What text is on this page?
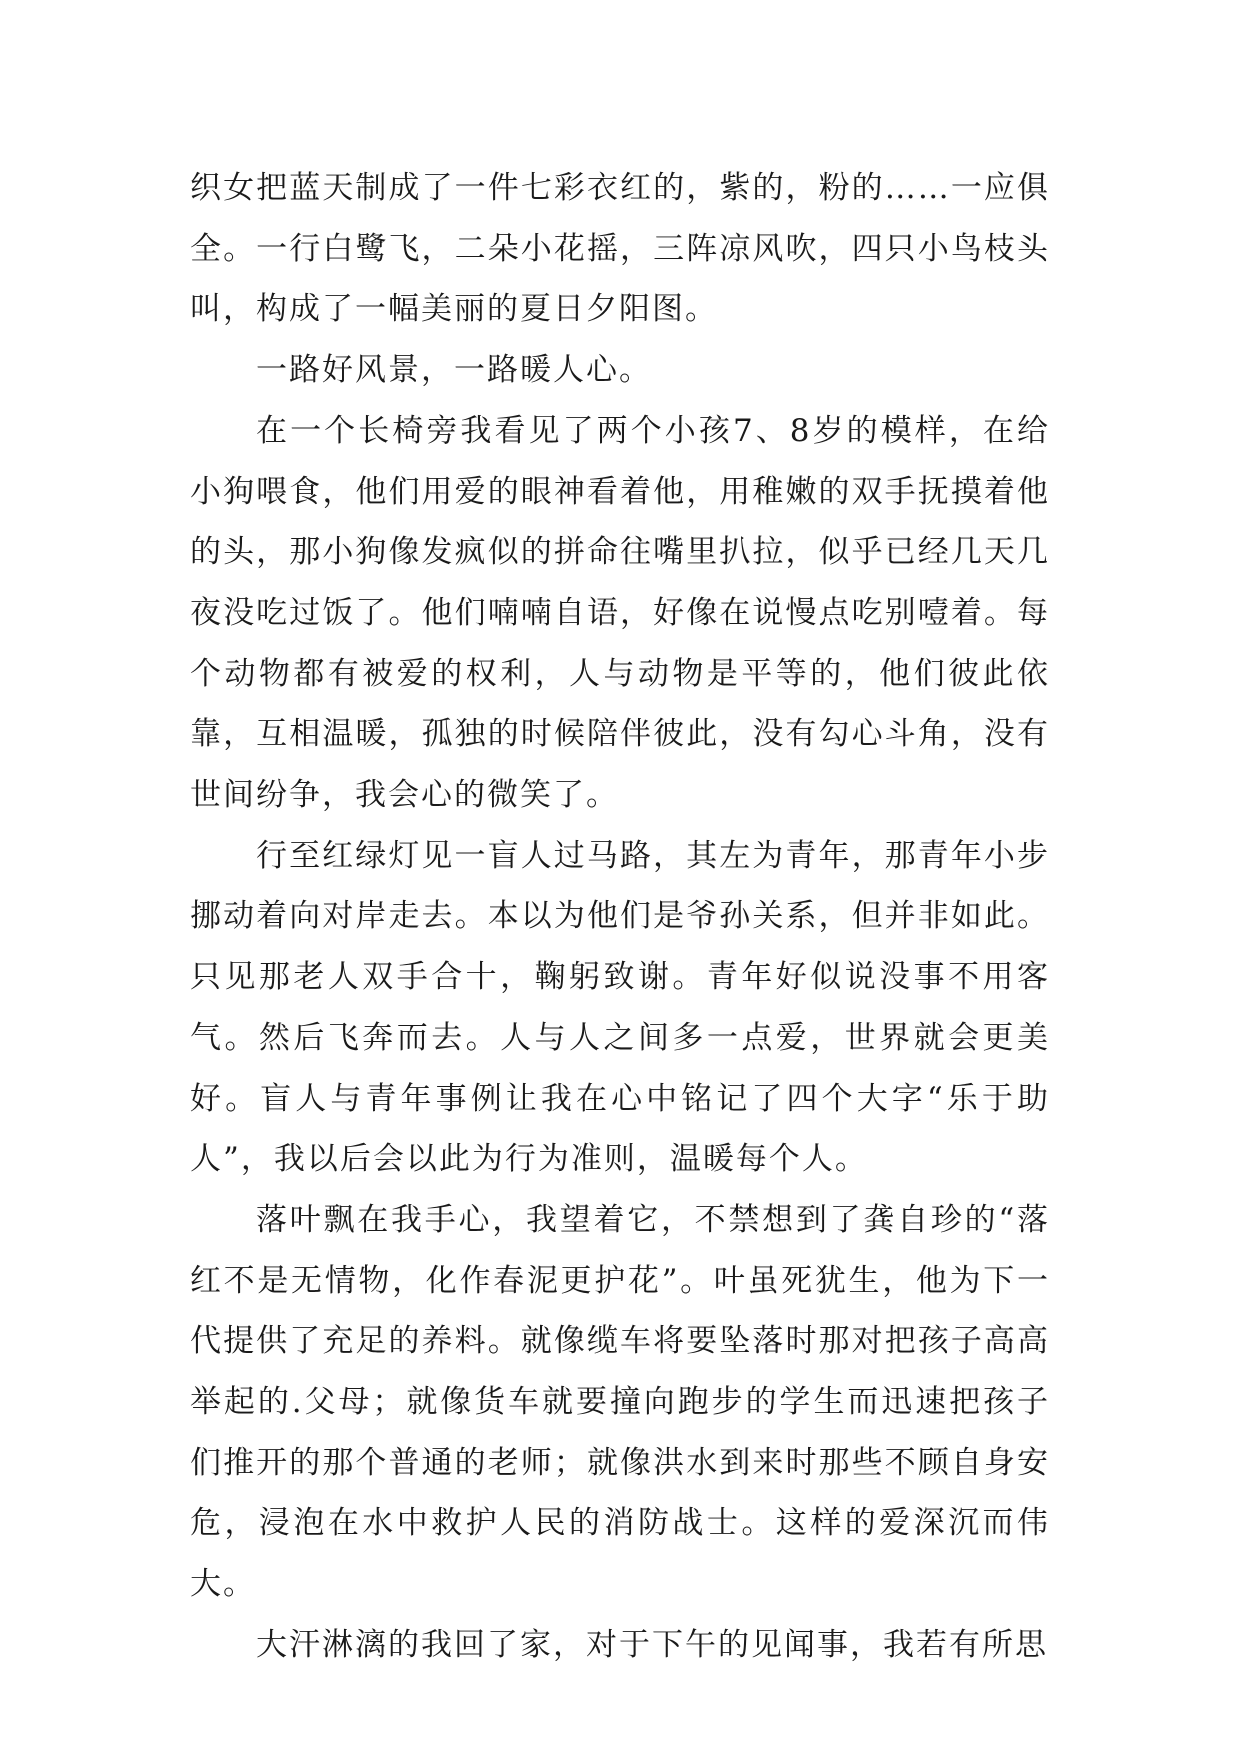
织女把蓝天制成了一件七彩衣红的，紫的，粉的……一应俱全。一行白鹭飞，二朵小花摇，三阵凉风吹，四只小鸟枝头叫，构成了一幅美丽的夏日夕阳图。

一路好风景，一路暖人心。

在一个长椅旁我看见了两个小孩7、8岁的模样，在给小狗喂食，他们用爱的眼神看着他，用稚嫩的双手抚摸着他的头，那小狗像发疯似的拼命往嘴里扒拉，似乎已经几天几夜没吃过饭了。他们喃喃自语，好像在说慢点吃别噎着。每个动物都有被爱的权利，人与动物是平等的，他们彼此依靠，互相温暖，孤独的时候陪伴彼此，没有勾心斗角，没有世间纷争，我会心的微笑了。

行至红绿灯见一盲人过马路，其左为青年，那青年小步挪动着向对岸走去。本以为他们是爷孙关系，但并非如此。只见那老人双手合十，鞠躬致谢。青年好似说没事不用客气。然后飞奔而去。人与人之间多一点爱，世界就会更美好。盲人与青年事例让我在心中铭记了四个大字“乐于助人”，我以后会以此为行为准则，温暖每个人。

落叶飘在我手心，我望着它，不禁想到了龚自珍的“落红不是无情物，化作春泥更护花”。叶虽死犹生，他为下一代提供了充足的养料。就像缆车将要坠落时那对把孩子高高举起的.父母；就像货车就要撞向跑步的学生而迅速把孩子们推开的那个普通的老师；就像洪水到来时那些不顾自身安危，浸泡在水中救护人民的消防战士。这样的爱深沉而伟大。

大汗淋漓的我回了家，对于下午的见闻事，我若有所思
